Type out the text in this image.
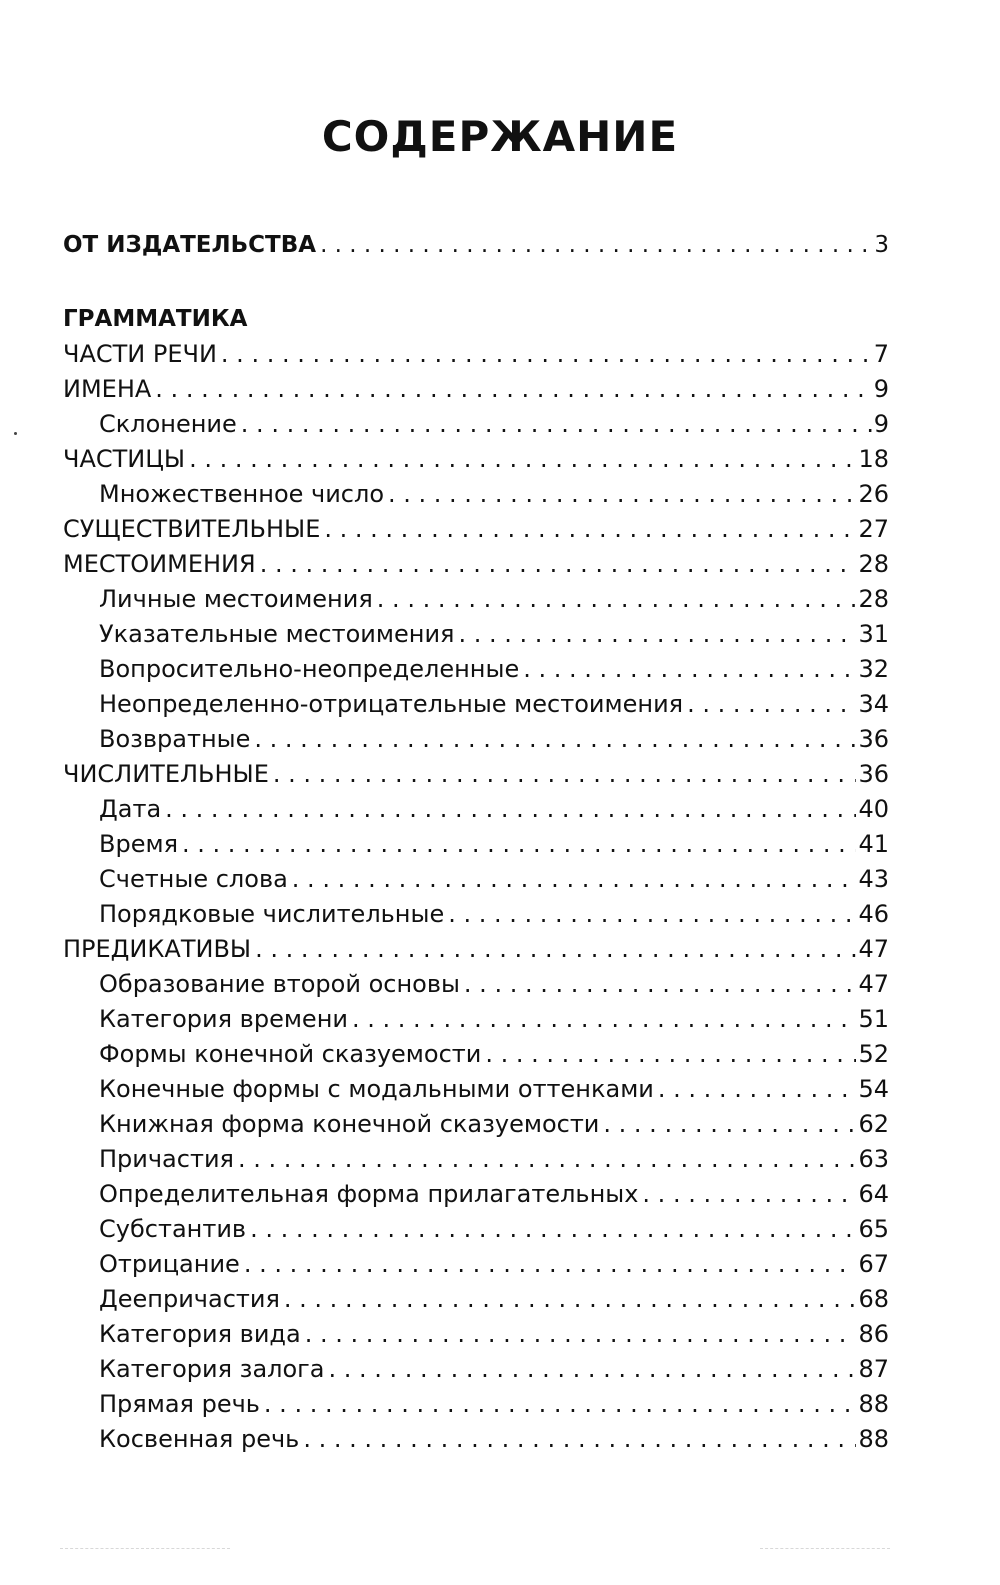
СОДЕРЖАНИЕ
ОТ ИЗДАТЕЛЬСТВА . . .	3
ГРАММАТИКА
ЧАСТИ РЕЧИ . . .	7
ИМЕНА . . .	9
Склонение . . .	9
ЧАСТИЦЫ . . .	18
Множественное число . . .	26
СУЩЕСТВИТЕЛЬНЫЕ . . .	27
МЕСТОИМЕНИЯ . . .	28
Личные местоимения . . .	28
Указательные местоимения . . .	31
Вопросительно-неопределенные . . .	32
Неопределенно-отрицательные местоимения . . .	34
Возвратные . . .	36
ЧИСЛИТЕЛЬНЫЕ . . .	36
Дата . . .	40
Время . . .	41
Счетные слова . . .	43
Порядковые числительные . . .	46
ПРЕДИКАТИВЫ . . .	47
Образование второй основы . . .	47
Категория времени . . .	51
Формы конечной сказуемости . . .	52
Конечные формы с модальными оттенками . . .	54
Книжная форма конечной сказуемости . . .	62
Причастия . . .	63
Определительная форма прилагательных . . .	64
Субстантив . . .	65
Отрицание . . .	67
Деепричастия . . .	68
Категория вида . . .	86
Категория залога . . .	87
Прямая речь . . .	88
Косвенная речь . . .	88
